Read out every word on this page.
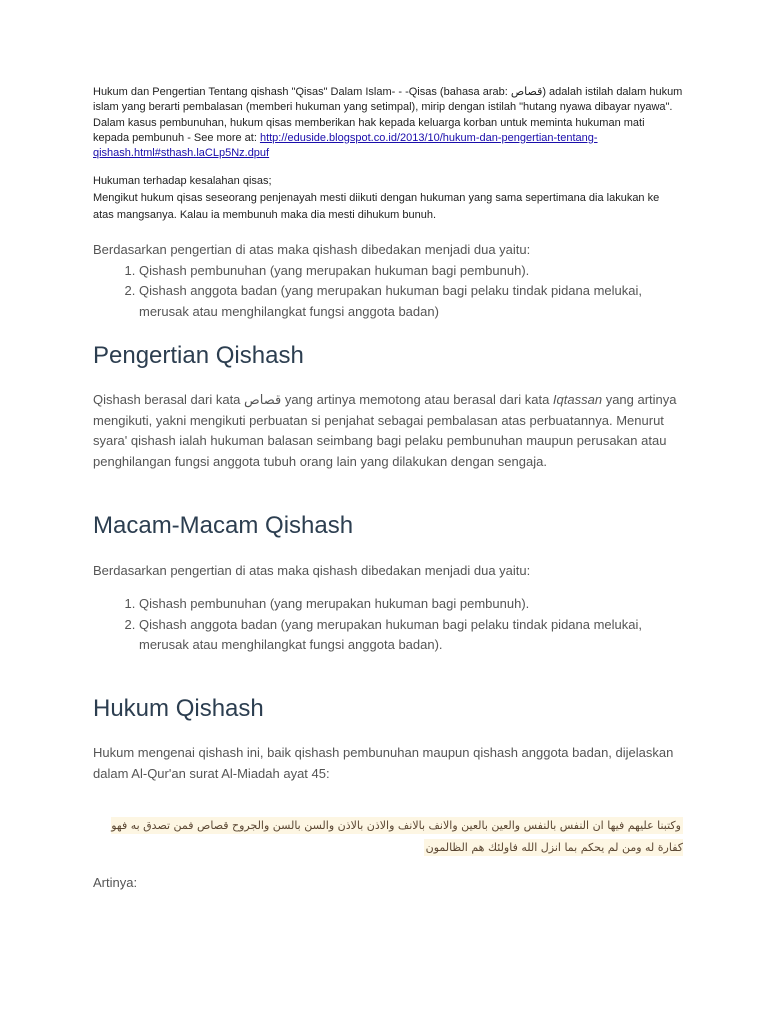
Hukum dan Pengertian Tentang qishash "Qisas" Dalam Islam- - -Qisas (bahasa arab: قصاص) adalah istilah dalam hukum islam yang berarti pembalasan (memberi hukuman yang setimpal), mirip dengan istilah "hutang nyawa dibayar nyawa". Dalam kasus pembunuhan, hukum qisas memberikan hak kepada keluarga korban untuk meminta hukuman mati kepada pembunuh - See more at: http://eduside.blogspot.co.id/2013/10/hukum-dan-pengertian-tentang-qishash.html#sthash.laCLp5Nz.dpuf

Hukuman terhadap kesalahan qisas;

Mengikut hukum qisas seseorang penjenayah mesti diikuti dengan hukuman yang sama sepertimana dia lakukan ke atas mangsanya. Kalau ia membunuh maka dia mesti dihukum bunuh.

Berdasarkan pengertian di atas maka qishash dibedakan menjadi dua yaitu:
1. Qishash pembunuhan (yang merupakan hukuman bagi pembunuh).
2. Qishash anggota badan (yang merupakan hukuman bagi pelaku tindak pidana melukai, merusak atau menghilangkat fungsi anggota badan)
Pengertian Qishash

Qishash berasal dari kata قصاص yang artinya memotong atau berasal dari kata Iqtassan yang artinya mengikuti, yakni mengikuti perbuatan si penjahat sebagai pembalasan atas perbuatannya. Menurut syara' qishash ialah hukuman balasan seimbang bagi pelaku pembunuhan maupun perusakan atau penghilangan fungsi anggota tubuh orang lain yang dilakukan dengan sengaja.

Macam-Macam Qishash

Berdasarkan pengertian di atas maka qishash dibedakan menjadi dua yaitu:

1. Qishash pembunuhan (yang merupakan hukuman bagi pembunuh).
2. Qishash anggota badan (yang merupakan hukuman bagi pelaku tindak pidana melukai, merusak atau menghilangkat fungsi anggota badan).
Hukum Qishash

Hukum mengenai qishash ini, baik qishash pembunuhan maupun qishash anggota badan, dijelaskan dalam Al-Qur'an surat Al-Miadah ayat 45:

وكتبنا عليهم فيها ان النفس بالنفس والعين بالعين والانف بالانف والاذن بالاذن والسن بالسن والجروح قصاص فمن تصدق به فهو كفارة له ومن لم يحكم بما انزل الله فاولئك هم الظالمون

Artinya:
